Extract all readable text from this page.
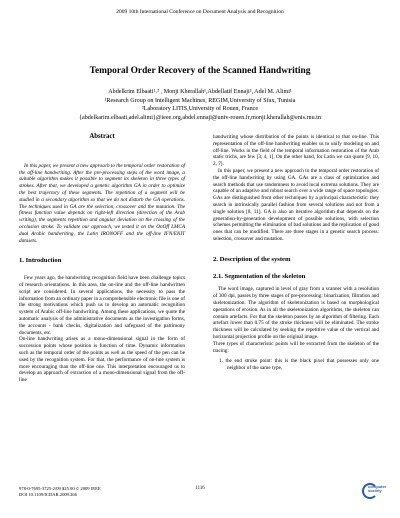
2009 10th International Conference on Document Analysis and Recognition
Temporal Order Recovery of the Scanned Handwriting
Abdelkrim Elbaati¹˒² , Monji Kherallah¹,Abdellatif Ennaji², Adel M. Alimi¹
¹Research Group on Intelligent Machines, REGIM,University of Sfax, Tunisia
²Laboratory LITIS,University of Rouen, France
{abdelkarim.elbaati,adel.alimi}@ieee.org,abdel.ennaji@univ-rouen.fr,monji.kherallah@enis.rnu.tn
Abstract

In this paper, we present a new approach to the temporal order restoration of the off-line handwriting. After the pre-processing steps of the word image, a suitable algorithm makes it possible to segment its skeleton in three types of strokes. After that, we developed a genetic algorithm GA in order to optimize the best trajectory of these segments. The repetition of a segment will be studied in a secondary algorithm so that we do not disturb the GA operations. The techniques used in GA are the selection, crossover and the mutation. The fitness function value depends on right-left direction (direction of the Arab writing), the segments repetition and angular deviation on the crossing of the occlusion stroke. To validate our approach, we tested it on the OnOff LMCA dual Arabic handwriting, the Latin IRONOFF and the off-line IFN/ENIT datasets.

1. Introduction

Few years ago, the handwriting recognition field have been challenge topics of research orientations. In this area, the on-line and the off-line handwritten script are considered. In several applications, the necessity to pass the information from an ordinary paper in a comprehensible electronic file is one of the strong motivations which push us to develop an automatic recognition system of Arabic off-line handwriting. Among these applications, we quote the automatic analysis of the administrative documents as the investigation forms, the accounts - bank checks, digitalization and safeguard of the patrimony documents, etc.

On-line handwriting arises as a mono-dimensional signal in the form of succession points whose position is function of time. Dynamic information such as the temporal order of the points as well as the speed of the pen can be used by the recognition system. For that, the performance of on-line system is more encouraging than the off-line one. This interpretation encouraged us to develop an approach of extraction of a mono-dimensional signal from the off-line

handwriting whose distribution of the points is identical to that on-line. This representation of the off-line handwriting enables us to unify modeling on and off-line. Works in the field of the temporal information restoration of the Arab static trichs, are few [3, 4, 1]. On the other hand, for Latin we can quote [9, 10, 2, 7].

In this paper, we present a new approach to the temporal order restoration of the off-line handwriting by using GA. GAs are a class of optimization and search methods that use randomness to avoid local extrema solutions. They are capable of an adaptive and robust search over a wide range of space topologies. GAs are distinguished from other techniques by a principal characteristic: they search in intrinsically parallel fashion from several solutions and not from a single solution [8, 11]. GA is also an iterative algorithm that depends on the generation-by-generation development of possible solutions, with selection schemes permitting the elimination of bad solutions and the replication of good ones that can be modified. There are three stages in a genetic search process: selection, crossover and mutation.

2. Description of the system
2.1. Segmentation of the skeleton

The word image, captured in level of gray from a scanner with a resolution of 300 dpi, passes by three stages of pre-processing: binarization, filtration and skeletonization. The algorithm of skeletonization is based on morphological operations of erosion. As in all the skeletonization algorithms, the skeleton can contain artefacts. For that the skeleton passes by an algorithm of filtering. Each artefact lower than 0.75 of the stroke thickness will be eliminated. The stroke thickness will be calculated by seeking the repetitive value of the vertical and horizontal projection profile on the original image.

Three types of characteristic points will be extracted from the skeleton of the tracing:

1. the end stroke point: this is the black pixel that possesses only one neighbor of the same type,

978-0-7695-3725-2/09 $25.00 © 2009 IEEE
DOI 10.1109/ICDAR.2009.266
1116	computer
society
